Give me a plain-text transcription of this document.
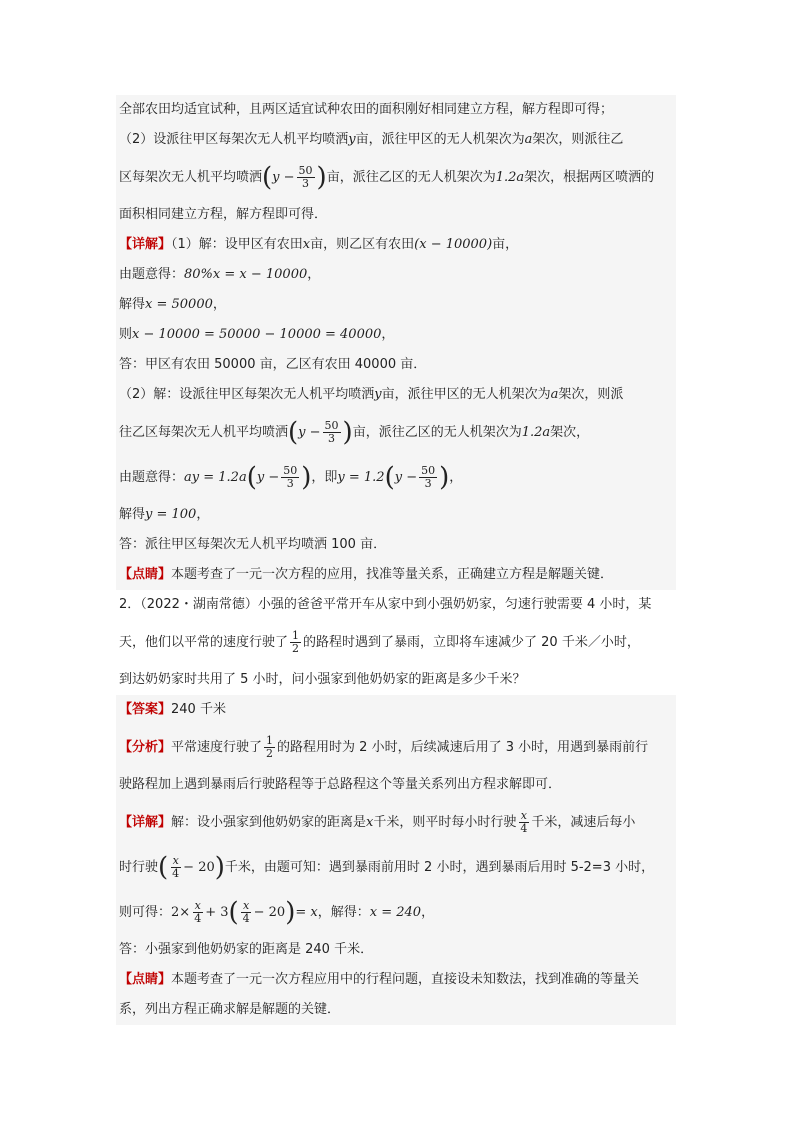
全部农田均适宜试种，且两区适宜试种农田的面积刚好相同建立方程，解方程即可得；
（2）设派往甲区每架次无人机平均喷洒y亩，派往甲区的无人机架次为a架次，则派往乙
区每架次无人机平均喷洒($y - \frac{50}{3}$ )亩，派往乙区的无人机架次为1.2a架次，根据两区喷洒的
面积相同建立方程，解方程即可得．
【详解】（1）解：设甲区有农田x亩，则乙区有农田(x − 10000)亩，
由题意得：80%x = x − 10000，
解得x = 50000，
则x − 10000 = 50000 − 10000 = 40000，
答：甲区有农田 50000 亩，乙区有农田 40000 亩．
（2）解：设派往甲区每架次无人机平均喷洒y亩，派往甲区的无人机架次为a架次，则派
往乙区每架次无人机平均喷洒($y - \frac{50}{3}$ )亩，派往乙区的无人机架次为1.2a架次，
由题意得：ay = $1.2a(y - \frac{50}{3}$ )，即$y = 1.2(y - \frac{50}{3}$ )，
解得y = 100，
答：派往甲区每架次无人机平均喷洒 100 亩．
【点睛】本题考查了一元一次方程的应用，找准等量关系，正确建立方程是解题关键．
2．（2022・湖南常德）小强的爸爸平常开车从家中到小强奶奶家，匀速行驶需要 4 小时，某
天，他们以平常的速度行驶了 $\frac{1}{2}$ 的路程时遇到了暴雨，立即将车速减少了 20 千米／小时，
到达奶奶家时共用了 5 小时，问小强家到他奶奶家的距离是多少千米？
【答案】240 千米
【分析】平常速度行驶了 $\frac{1}{2}$ 的路程用时为 2 小时，后续减速后用了 3 小时，用遇到暴雨前行
驶路程加上遇到暴雨后行驶路程等于总路程这个等量关系列出方程求解即可．
【详解】解：设小强家到他奶奶家的距离是x千米，则平时每小时行驶 $\frac{x}{4}$ 千米，减速后每小
时行驶( $\frac{x}{4} - 20$)千米，由题可知：遇到暴雨前用时 2 小时，遇到暴雨后用时 5-2=3 小时，
则可得：$2\times \frac{x}{4} + 3( \frac{x}{4} - 20)= x$，解得：x = 240，
答：小强家到他奶奶家的距离是 240 千米．
【点睛】本题考查了一元一次方程应用中的行程问题，直接设未知数法，找到准确的等量关
系，列出方程正确求解是解题的关键．
